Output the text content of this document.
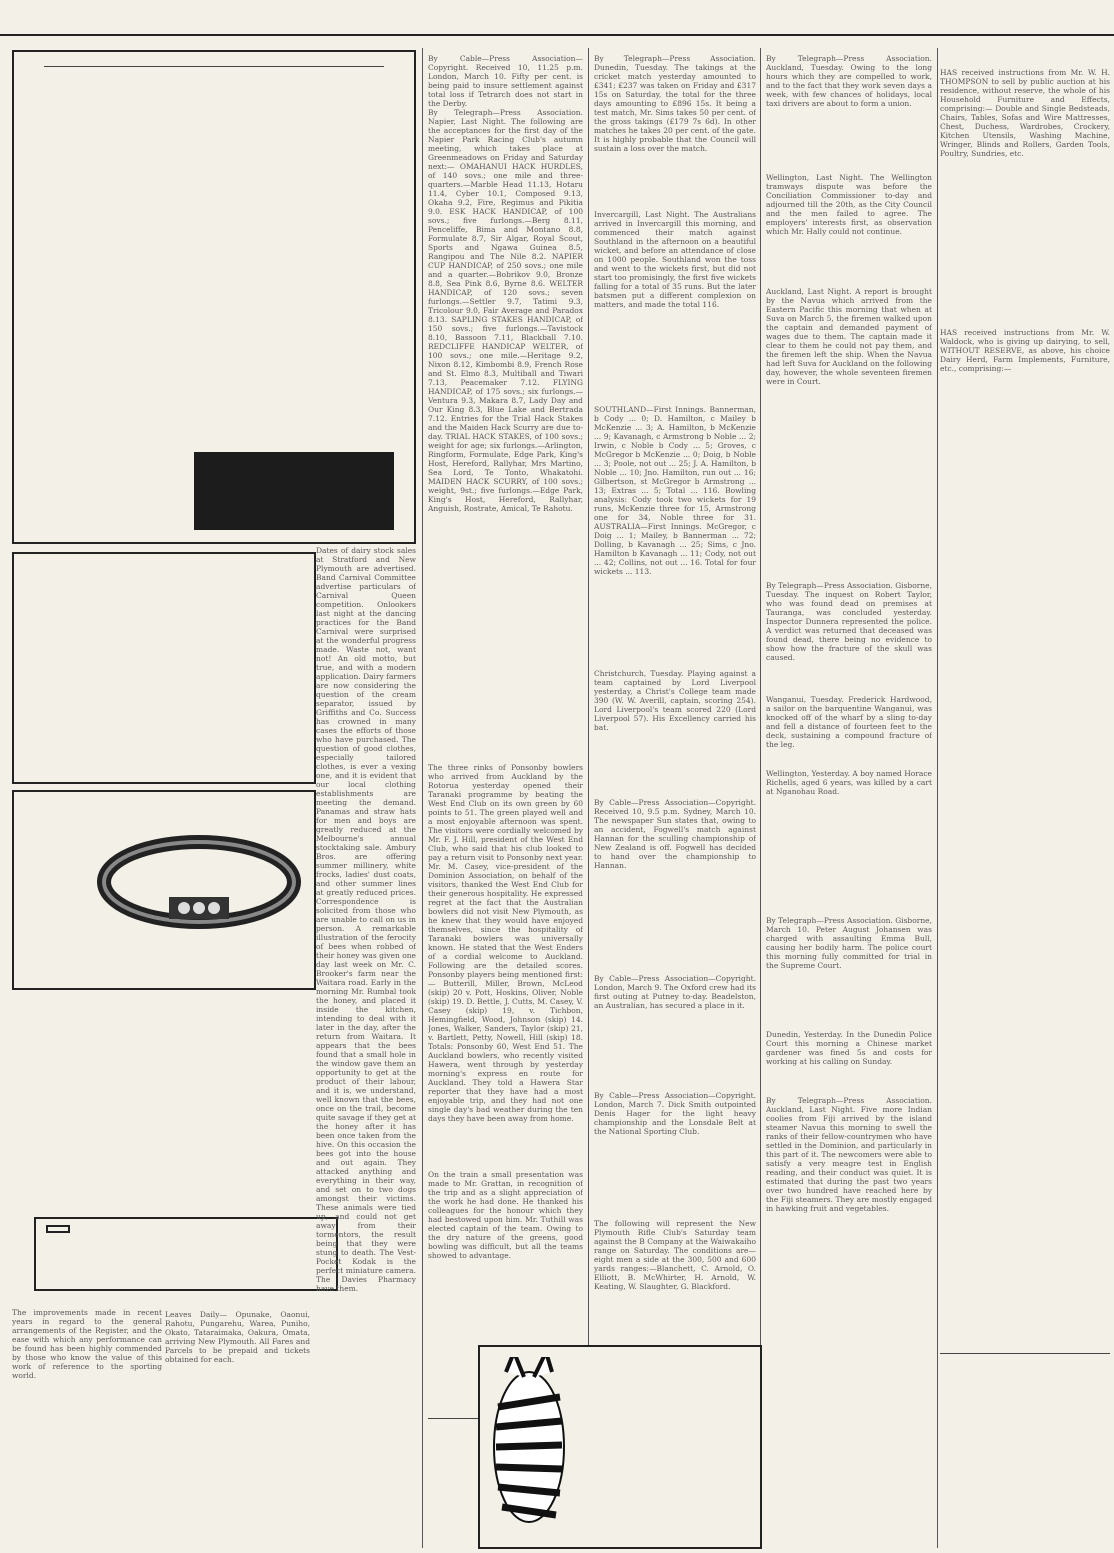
The improvements made in recent years in regard to the general arrangements of the Register, and the ease with which any performance can be found has been highly commended by those who know the value of this work of reference to the sporting world.
Leaves Daily— Opunake, Oaonui, Rahotu, Pungarehu, Warea, Puniho, Okato, Tataraimaka, Oakura, Omata, arriving New Plymouth. All Fares and Parcels to be prepaid and tickets obtained for each.
Dates of dairy stock sales at Stratford and New Plymouth are advertised. Band Carnival Committee advertise particulars of Carnival Queen competition. Onlookers last night at the dancing practices for the Band Carnival were surprised at the wonderful progress made. Waste not, want not! An old motto, but true, and with a modern application. Dairy farmers are now considering the question of the cream separator, issued by Griffiths and Co. Success has crowned in many cases the efforts of those who have purchased. The question of good clothes, especially tailored clothes, is ever a vexing one, and it is evident that our local clothing establishments are meeting the demand. Panamas and straw hats for men and boys are greatly reduced at the Melbourne's annual stocktaking sale. Ambury Bros. are offering summer millinery, white frocks, ladies' dust coats, and other summer lines at greatly reduced prices. Correspondence is solicited from those who are unable to call on us in person. A remarkable illustration of the ferocity of bees when robbed of their honey was given one day last week on Mr. C. Brooker's farm near the Waitara road. Early in the morning Mr. Rumbal took the honey, and placed it inside the kitchen, intending to deal with it later in the day, after the return from Waitara. It appears that the bees found that a small hole in the window gave them an opportunity to get at the product of their labour, and it is, we understand, well known that the bees, once on the trail, become quite savage if they get at the honey after it has been once taken from the hive. On this occasion the bees got into the house and out again. They attacked anything and everything in their way, and set on to two dogs amongst their victims. These animals were tied up, and could not get away from their tormentors, the result being that they were stung to death. The Vest-Pocket Kodak is the perfect miniature camera. The Davies Pharmacy have them.
By Cable—Press Association—Copyright. Received 10, 11.25 p.m. London, March 10. Fifty per cent. is being paid to insure settlement against total loss if Tetrarch does not start in the Derby.
By Telegraph—Press Association. Napier, Last Night. The following are the acceptances for the first day of the Napier Park Racing Club's autumn meeting, which takes place at Greenmeadows on Friday and Saturday next:— OMAHANUI HACK HURDLES, of 140 sovs.; one mile and three-quarters.—Marble Head 11.13, Hotaru 11.4, Cyber 10.1, Composed 9.13, Okaha 9.2, Fire, Regimus and Pikitia 9.0. ESK HACK HANDICAP, of 100 sovs.; five furlongs.—Berg 8.11, Penceliffe, Bima and Montano 8.8, Formulate 8.7, Sir Algar, Royal Scout, Sports and Ngawa Guinea 8.5, Rangipou and The Nile 8.2. NAPIER CUP HANDICAP, of 250 sovs.; one mile and a quarter.—Bobrikov 9.0, Bronze 8.8, Sea Pink 8.6, Byrne 8.6. WELTER HANDICAP, of 120 sovs.; seven furlongs.—Settler 9.7, Tatimi 9.3, Tricolour 9.0, Fair Average and Paradox 8.13. SAPLING STAKES HANDICAP, of 150 sovs.; five furlongs.—Tavistock 8.10, Bassoon 7.11, Blackball 7.10. REDCLIFFE HANDICAP WELTER, of 100 sovs.; one mile.—Heritage 9.2, Nixon 8.12, Kimbombi 8.9, French Rose and St. Elmo 8.3, Multiball and Tiwari 7.13, Peacemaker 7.12. FLYING HANDICAP, of 175 sovs.; six furlongs.—Ventura 9.3, Makara 8.7, Lady Day and Our King 8.3, Blue Lake and Bertrada 7.12. Entries for the Trial Hack Stakes and the Maiden Hack Scurry are due to-day. TRIAL HACK STAKES, of 100 sovs.; weight for age; six furlongs.—Arlington, Ringform, Formulate, Edge Park, King's Host, Hereford, Rallyhar, Mrs Martino, Sea Lord, Te Tonto, Whakatohi. MAIDEN HACK SCURRY, of 100 sovs.; weight, 9st.; five furlongs.—Edge Park, King's Host, Hereford, Rallyhar, Anguish, Rostrate, Amical, Te Rahotu.
The three rinks of Ponsonby bowlers who arrived from Auckland by the Rotorua yesterday opened their Taranaki programme by beating the West End Club on its own green by 60 points to 51. The green played well and a most enjoyable afternoon was spent. The visitors were cordially welcomed by Mr. F. J. Hill, president of the West End Club, who said that his club looked to pay a return visit to Ponsonby next year. Mr. M. Casey, vice-president of the Dominion Association, on behalf of the visitors, thanked the West End Club for their generous hospitality. He expressed regret at the fact that the Australian bowlers did not visit New Plymouth, as he knew that they would have enjoyed themselves, since the hospitality of Taranaki bowlers was universally known. He stated that the West Enders of a cordial welcome to Auckland. Following are the detailed scores. Ponsonby players being mentioned first:— Butterill, Miller, Brown, McLeod (skip) 20 v. Pott, Hoskins, Oliver, Noble (skip) 19. D. Bettle, J. Cutts, M. Casey, V. Casey (skip) 19, v. Tichbon, Hemingfield, Wood, Johnson (skip) 14. Jones, Walker, Sanders, Taylor (skip) 21, v. Bartlett, Petty, Nowell, Hill (skip) 18. Totals: Ponsonby 60, West End 51. The Auckland bowlers, who recently visited Hawera, went through by yesterday morning's express en route for Auckland. They told a Hawera Star reporter that they have had a most enjoyable trip, and they had not one single day's bad weather during the ten days they have been away from home.
On the train a small presentation was made to Mr. Grattan, in recognition of the trip and as a slight appreciation of the work he had done. He thanked his colleagues for the honour which they had bestowed upon him. Mr. Tuthill was elected captain of the team. Owing to the dry nature of the greens, good bowling was difficult, but all the teams showed to advantage.
By Telegraph—Press Association. Dunedin, Tuesday. The takings at the cricket match yesterday amounted to £341; £237 was taken on Friday and £317 15s on Saturday, the total for the three days amounting to £896 15s. It being a test match, Mr. Sims takes 50 per cent. of the gross takings (£179 7s 6d). In other matches he takes 20 per cent. of the gate. It is highly probable that the Council will sustain a loss over the match.
Invercargill, Last Night. The Australians arrived in Invercargill this morning, and commenced their match against Southland in the afternoon on a beautiful wicket, and before an attendance of close on 1000 people. Southland won the toss and went to the wickets first, but did not start too promisingly, the first five wickets falling for a total of 35 runs. But the later batsmen put a different complexion on matters, and made the total 116.
SOUTHLAND—First Innings. Bannerman, b Cody ... 0; D. Hamilton, c Mailey b McKenzie ... 3; A. Hamilton, b McKenzie ... 9; Kavanagh, c Armstrong b Noble ... 2; Irwin, c Noble b Cody ... 5; Groves, c McGregor b McKenzie ... 0; Doig, b Noble ... 3; Poole, not out ... 25; J. A. Hamilton, b Noble ... 10; Jno. Hamilton, run out ... 16; Gilbertson, st McGregor b Armstrong ... 13; Extras ... 5; Total ... 116. Bowling analysis: Cody took two wickets for 19 runs, McKenzie three for 15, Armstrong one for 34, Noble three for 31. AUSTRALIA—First Innings. McGregor, c Doig ... 1; Mailey, b Bannerman ... 72; Dolling, b Kavanagh ... 25; Sims, c Jno. Hamilton b Kavanagh ... 11; Cody, not out ... 42; Collins, not out ... 16. Total for four wickets ... 113.
Christchurch, Tuesday. Playing against a team captained by Lord Liverpool yesterday, a Christ's College team made 390 (W. W. Averill, captain, scoring 254). Lord Liverpool's team scored 220 (Lord Liverpool 57). His Excellency carried his bat.
By Cable—Press Association—Copyright. Received 10, 9.5 p.m. Sydney, March 10. The newspaper Sun states that, owing to an accident, Fogwell's match against Hannan for the sculling championship of New Zealand is off. Fogwell has decided to hand over the championship to Hannan.
By Cable—Press Association—Copyright. London, March 9. The Oxford crew had its first outing at Putney to-day. Beadelston, an Australian, has secured a place in it.
By Cable—Press Association—Copyright. London, March 7. Dick Smith outpointed Denis Hager for the light heavy championship and the Lonsdale Belt at the National Sporting Club.
The following will represent the New Plymouth Rifle Club's Saturday team against the B Company at the Waiwakaiho range on Saturday. The conditions are—eight men a side at the 300, 500 and 600 yards ranges:—Blanchett, C. Arnold, O. Elliott, B. McWhirter, H. Arnold, W. Keating, W. Slaughter, G. Blackford.
By Telegraph—Press Association. Auckland, Tuesday. Owing to the long hours which they are compelled to work, and to the fact that they work seven days a week, with few chances of holidays, local taxi drivers are about to form a union.
Wellington, Last Night. The Wellington tramways dispute was before the Conciliation Commissioner to-day and adjourned till the 20th, as the City Council and the men failed to agree. The employers' interests first, as observation which Mr. Hally could not continue.
Auckland, Last Night. A report is brought by the Navua which arrived from the Eastern Pacific this morning that when at Suva on March 5, the firemen walked upon the captain and demanded payment of wages due to them. The captain made it clear to them he could not pay them, and the firemen left the ship. When the Navua had left Suva for Auckland on the following day, however, the whole seventeen firemen were in Court.
By Telegraph—Press Association. Gisborne, Tuesday. The inquest on Robert Taylor, who was found dead on premises at Tauranga, was concluded yesterday. Inspector Dunnera represented the police. A verdict was returned that deceased was found dead, there being no evidence to show how the fracture of the skull was caused.
Wanganui, Tuesday. Frederick Hardwood, a sailor on the barquentine Wanganui, was knocked off of the wharf by a sling to-day and fell a distance of fourteen feet to the deck, sustaining a compound fracture of the leg.
Wellington, Yesterday. A boy named Horace Richells, aged 6 years, was killed by a cart at Nganohau Road.
By Telegraph—Press Association. Gisborne, March 10. Peter August Johansen was charged with assaulting Emma Bull, causing her bodily harm. The police court this morning fully committed for trial in the Supreme Court.
Dunedin, Yesterday. In the Dunedin Police Court this morning a Chinese market gardener was fined 5s and costs for working at his calling on Sunday.
By Telegraph—Press Association. Auckland, Last Night. Five more Indian coolies from Fiji arrived by the island steamer Navua this morning to swell the ranks of their fellow-countrymen who have settled in the Dominion, and particularly in this part of it. The newcomers were able to satisfy a very meagre test in English reading, and their conduct was quiet. It is estimated that during the past two years over two hundred have reached here by the Fiji steamers. They are mostly engaged in hawking fruit and vegetables.
HAS received instructions from Mr. W. H. THOMPSON to sell by public auction at his residence, without reserve, the whole of his Household Furniture and Effects, comprising:— Double and Single Bedsteads, Chairs, Tables, Sofas and Wire Mattresses, Chest, Duchess, Wardrobes, Crockery, Kitchen Utensils, Washing Machine, Wringer, Blinds and Rollers, Garden Tools, Poultry, Sundries, etc.
HAS received instructions from Mr. W. Waldock, who is giving up dairying, to sell, WITHOUT RESERVE, as above, his choice Dairy Herd, Farm Implements, Furniture, etc., comprising:—
